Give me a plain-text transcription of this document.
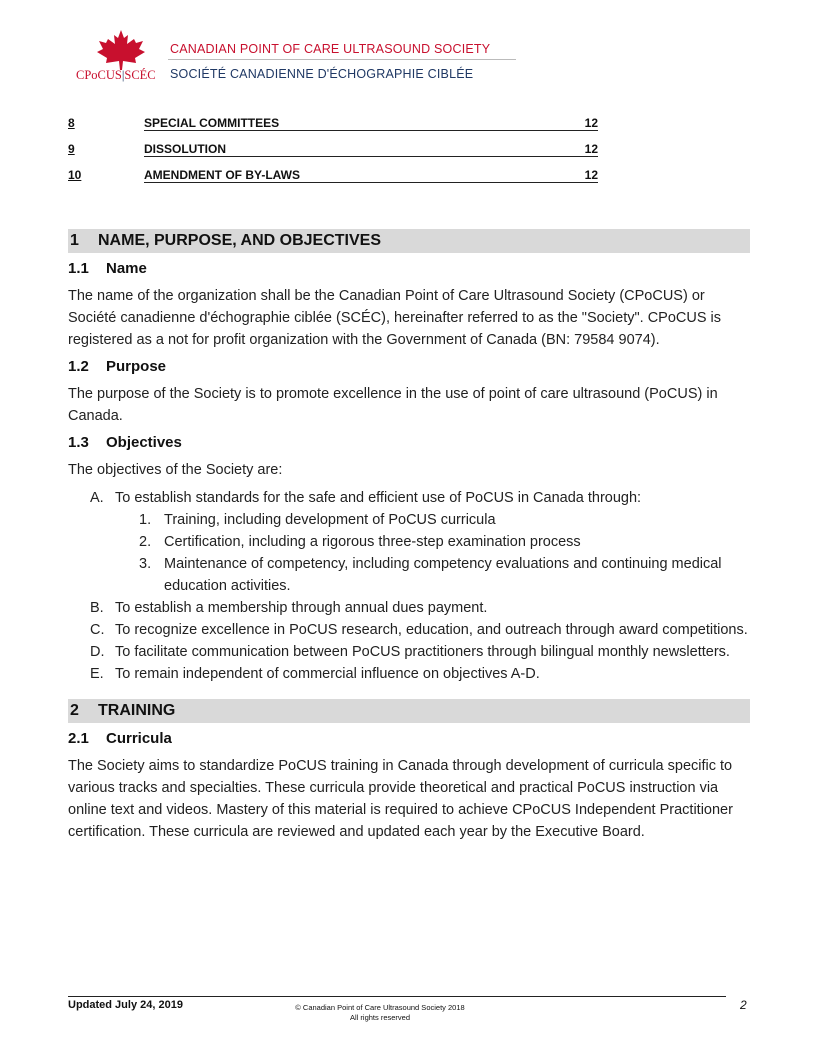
CPoCUS|SCÉC
CANADIAN POINT OF CARE ULTRASOUND SOCIETY
SOCIÉTÉ CANADIENNE D'ÉCHOGRAPHIE CIBLÉE
8	SPECIAL COMMITTEES	12
9	DISSOLUTION	12
10	AMENDMENT OF BY-LAWS	12
1 NAME, PURPOSE, AND OBJECTIVES
1.1 Name

The name of the organization shall be the Canadian Point of Care Ultrasound Society (CPoCUS) or Société canadienne d'échographie ciblée (SCÉC), hereinafter referred to as the "Society". CPoCUS is registered as a not for profit organization with the Government of Canada (BN: 79584 9074).

1.2 Purpose

The purpose of the Society is to promote excellence in the use of point of care ultrasound (PoCUS) in Canada.

1.3 Objectives

The objectives of the Society are:

A. To establish standards for the safe and efficient use of PoCUS in Canada through:
1. Training, including development of PoCUS curricula
2. Certification, including a rigorous three-step examination process
3. Maintenance of competency, including competency evaluations and continuing medical education activities.
B. To establish a membership through annual dues payment.
C. To recognize excellence in PoCUS research, education, and outreach through award competitions.
D. To facilitate communication between PoCUS practitioners through bilingual monthly newsletters.
E. To remain independent of commercial influence on objectives A-D.
2 TRAINING
2.1 Curricula

The Society aims to standardize PoCUS training in Canada through development of curricula specific to various tracks and specialties. These curricula provide theoretical and practical PoCUS instruction via online text and videos. Mastery of this material is required to achieve CPoCUS Independent Practitioner certification. These curricula are reviewed and updated each year by the Executive Board.

Updated July 24, 2019	© Canadian Point of Care Ultrasound Society 2018
All rights reserved
2
